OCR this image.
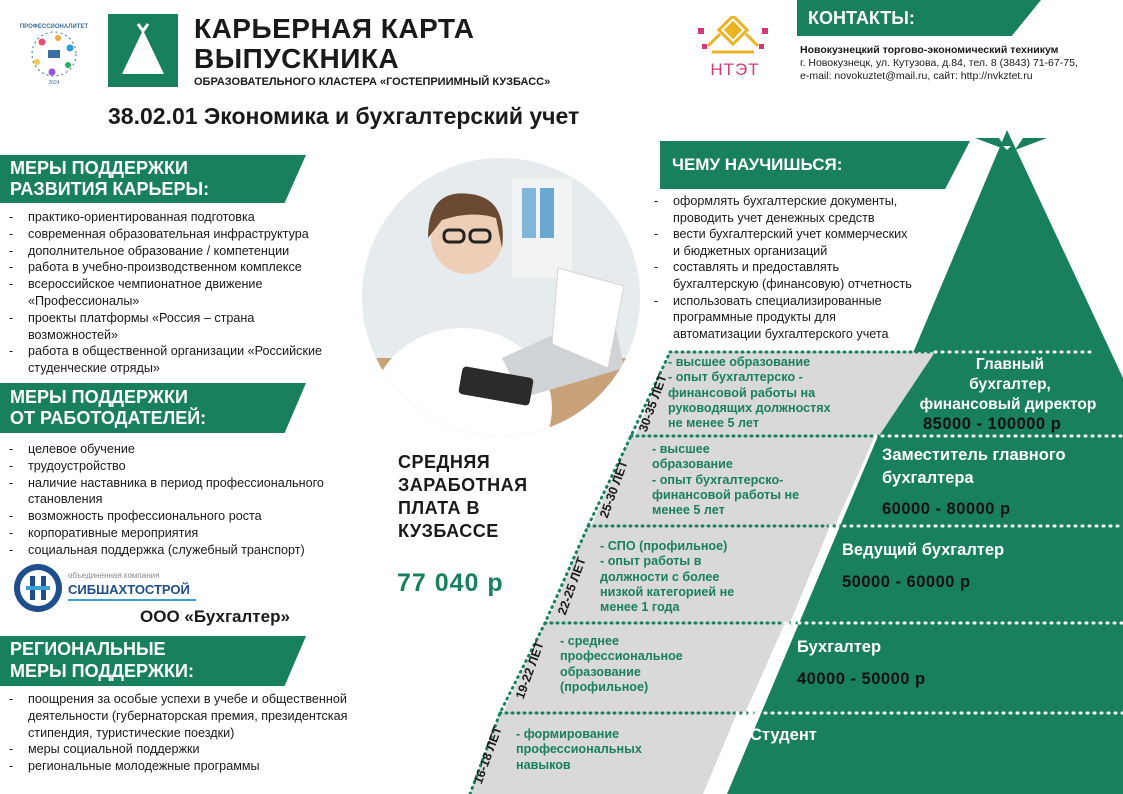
ПРОФЕССИОНАЛИТЕТ
2024
КАРЬЕРНАЯ КАРТА
ВЫПУСКНИКА
ОБРАЗОВАТЕЛЬНОГО КЛАСТЕРА «ГОСТЕПРИИМНЫЙ КУЗБАСС»
38.02.01 Экономика и бухгалтерский учет
НТЭТ
КОНТАКТЫ:
Новокузнецкий торгово-экономический техникум
г. Новокузнецк, ул. Кутузова, д.84, тел. 8 (3843) 71-67-75,
e-mail: novokuztet@mail.ru, сайт: http://nvkztet.ru
МЕРЫ ПОДДЕРЖКИ
РАЗВИТИЯ КАРЬЕРЫ:
- практико-ориентированная подготовка
- современная образовательная инфраструктура
- дополнительное образование / компетенции
- работа в учебно-производственном комплексе
- всероссийское чемпионатное движение
«Профессионалы»
- проекты платформы «Россия – страна
возможностей»
- работа в общественной организации «Российские
студенческие отряды»
МЕРЫ ПОДДЕРЖКИ
ОТ РАБОТОДАТЕЛЕЙ:
- целевое обучение
- трудоустройство
- наличие наставника в период профессионального
становления
- возможность профессионального роста
- корпоративные мероприятия
- социальная поддержка (служебный транспорт)
объединенная компания
СИБШАХТОСТРОЙ
ООО «Бухгалтер»
РЕГИОНАЛЬНЫЕ
МЕРЫ ПОДДЕРЖКИ:
- поощрения за особые успехи в учебе и общественной
деятельности (губернаторская премия, президентская
стипендия, туристические поездки)
- меры социальной поддержки
- региональные молодежные программы
СРЕДНЯЯ
ЗАРАБОТНАЯ
ПЛАТА В
КУЗБАССЕ
77 040 р
ЧЕМУ НАУЧИШЬСЯ:
- оформлять бухгалтерские документы,
проводить учет денежных средств
- вести бухгалтерский учет коммерческих
и бюджетных организаций
- составлять и предоставлять
бухгалтерскую (финансовую) отчетность
- использовать специализированные
программные продукты для
автоматизации бухгалтерского учета
16-18 ЛЕТ
19-22 ЛЕТ
22-25 ЛЕТ
25-30 ЛЕТ
30-35 ЛЕТ
- формирование
профессиональных
навыков
- среднее
профессиональное
образование
(профильное)
- СПО (профильное)
- опыт работы в
должности с более
низкой категорией не
менее 1 года
- высшее
образование
- опыт бухгалтерско-
финансовой работы не
менее 5 лет
- высшее образование
- опыт бухгалтерско -
финансовой работы на
руководящих должностях
не менее 5 лет
Студент
Бухгалтер
40000 - 50000 р
Ведущий бухгалтер
50000 - 60000 р
Заместитель главного
бухгалтера
60000 - 80000 р
Главный
бухгалтер,
финансовый директор
85000 - 100000 р
